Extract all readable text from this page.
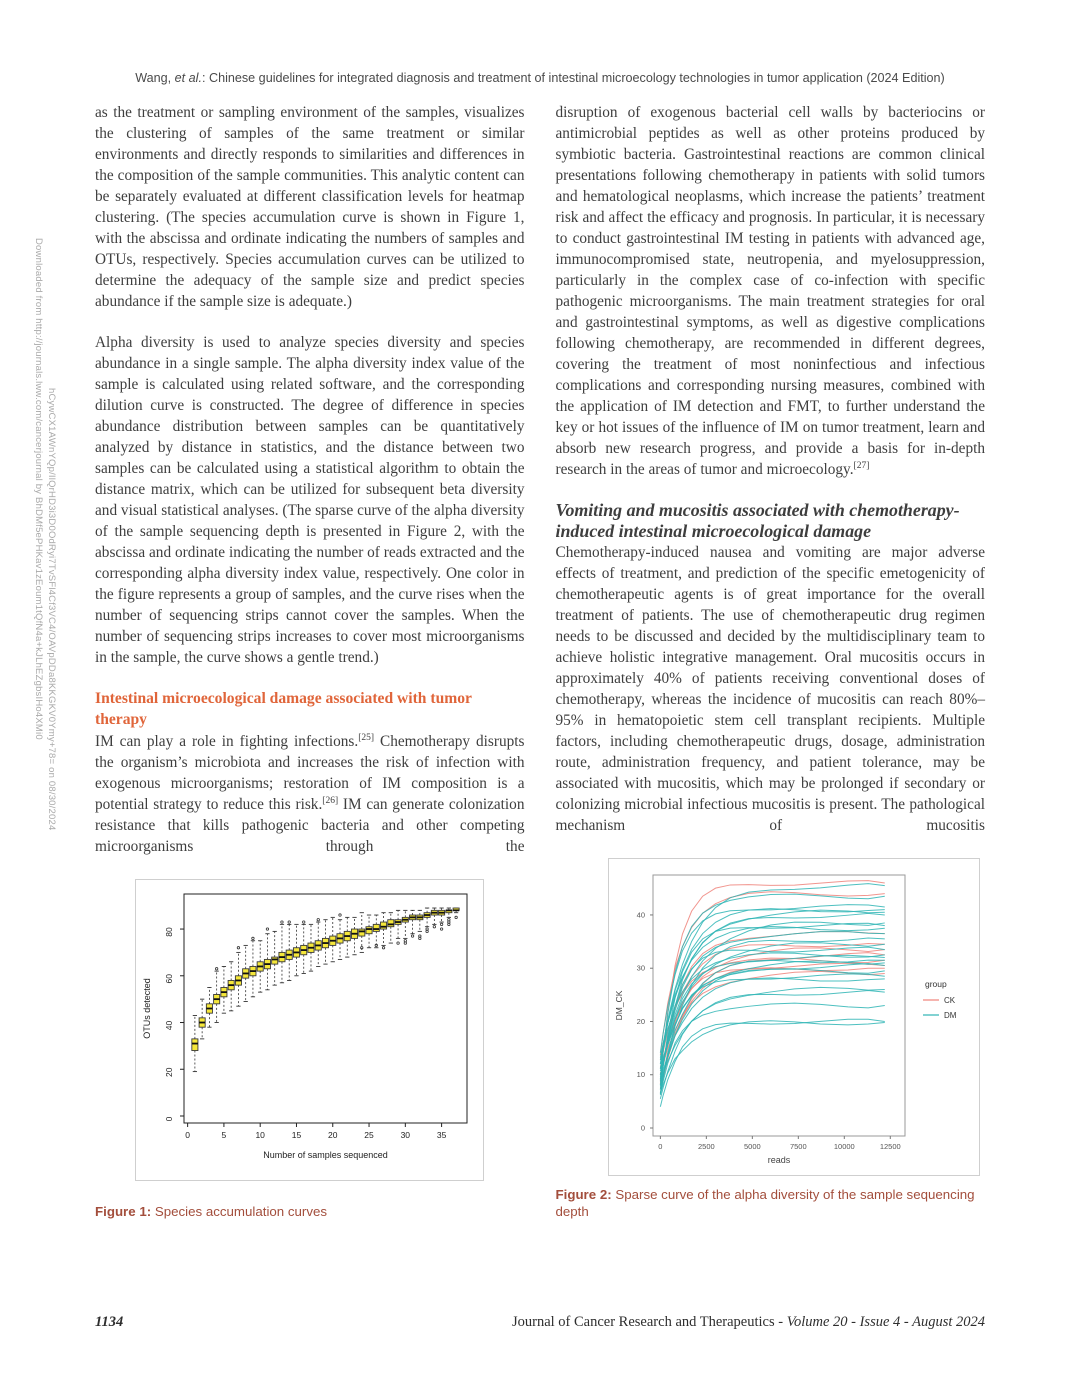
Downloaded from http://journals.lww.com/cancerjournal by BhDMf5ePHKav1zEoum1tQfN4a+kJLhEZgbsIHo4XMi0 hCywCX1AWnYQp/IlQrHD3i3D0OdRyi7TvSFl4Cf3VC4/OAVpDDa8KKGKV0Ymy+78= on 08/30/2024
Wang, et al.: Chinese guidelines for integrated diagnosis and treatment of intestinal microecology technologies in tumor application (2024 Edition)

as the treatment or sampling environment of the samples, visualizes the clustering of samples of the same treatment or similar environments and directly responds to similarities and differences in the composition of the sample communities. This analytic content can be separately evaluated at different classification levels for heatmap clustering. (The species accumulation curve is shown in Figure 1, with the abscissa and ordinate indicating the numbers of samples and OTUs, respectively. Species accumulation curves can be utilized to determine the adequacy of the sample size and predict species abundance if the sample size is adequate.)

Alpha diversity is used to analyze species diversity and species abundance in a single sample. The alpha diversity index value of the sample is calculated using related software, and the corresponding dilution curve is constructed. The degree of difference in species abundance distribution between samples can be quantitatively analyzed by distance in statistics, and the distance between two samples can be calculated using a statistical algorithm to obtain the distance matrix, which can be utilized for subsequent beta diversity and visual statistical analyses. (The sparse curve of the alpha diversity of the sample sequencing depth is presented in Figure 2, with the abscissa and ordinate indicating the number of reads extracted and the corresponding alpha diversity index value, respectively. One color in the figure represents a group of samples, and the curve rises when the number of sequencing strips cannot cover the samples. When the number of sequencing strips increases to cover most microorganisms in the sample, the curve shows a gentle trend.)

Intestinal microecological damage associated with tumor therapy

IM can play a role in fighting infections.[25] Chemotherapy disrupts the organism’s microbiota and increases the risk of infection with exogenous microorganisms; restoration of IM composition is a potential strategy to reduce this risk.[26] IM can generate colonization resistance that kills pathogenic bacteria and other competing microorganisms through the

0	5	10	15	20	25	30	35
0
20
40
60
80
Number of samples sequenced
OTUs detected
Figure 1: Species accumulation curves

disruption of exogenous bacterial cell walls by bacteriocins or antimicrobial peptides as well as other proteins produced by symbiotic bacteria. Gastrointestinal reactions are common clinical presentations following chemotherapy in patients with solid tumors and hematological neoplasms, which increase the patients’ treatment risk and affect the efficacy and prognosis. In particular, it is necessary to conduct gastrointestinal IM testing in patients with advanced age, immunocompromised state, neutropenia, and myelosuppression, particularly in the complex case of co-infection with specific pathogenic microorganisms. The main treatment strategies for oral and gastrointestinal symptoms, as well as digestive complications following chemotherapy, are recommended in different degrees, covering the treatment of most noninfectious and infectious complications and corresponding nursing measures, combined with the application of IM detection and FMT, to further understand the key or hot issues of the influence of IM on tumor treatment, learn and absorb new research progress, and provide a basis for in-depth research in the areas of tumor and microecology.[27]

Vomiting and mucositis associated with chemotherapy-induced intestinal microecological damage

Chemotherapy-induced nausea and vomiting are major adverse effects of treatment, and prediction of the specific emetogenicity of chemotherapeutic agents is of great importance for the overall treatment of patients. The use of chemotherapeutic drug regimen needs to be discussed and decided by the multidisciplinary team to achieve holistic integrative management. Oral mucositis occurs in approximately 40% of patients receiving conventional doses of chemotherapy, whereas the incidence of mucositis can reach 80%–95% in hematopoietic stem cell transplant recipients. Multiple factors, including chemotherapeutic drugs, dosage, administration route, administration frequency, and patient tolerance, may be associated with mucositis, which may be prolonged if secondary or colonizing microbial infectious mucositis is present. The pathological mechanism of mucositis

0	2500	5000	7500	10000	12500
0
10
20
30
40
reads
DM_CK
group
CK
DM
Figure 2: Sparse curve of the alpha diversity of the sample sequencing depth
1134	Journal of Cancer Research and Therapeutics - Volume 20 - Issue 4 - August 2024
